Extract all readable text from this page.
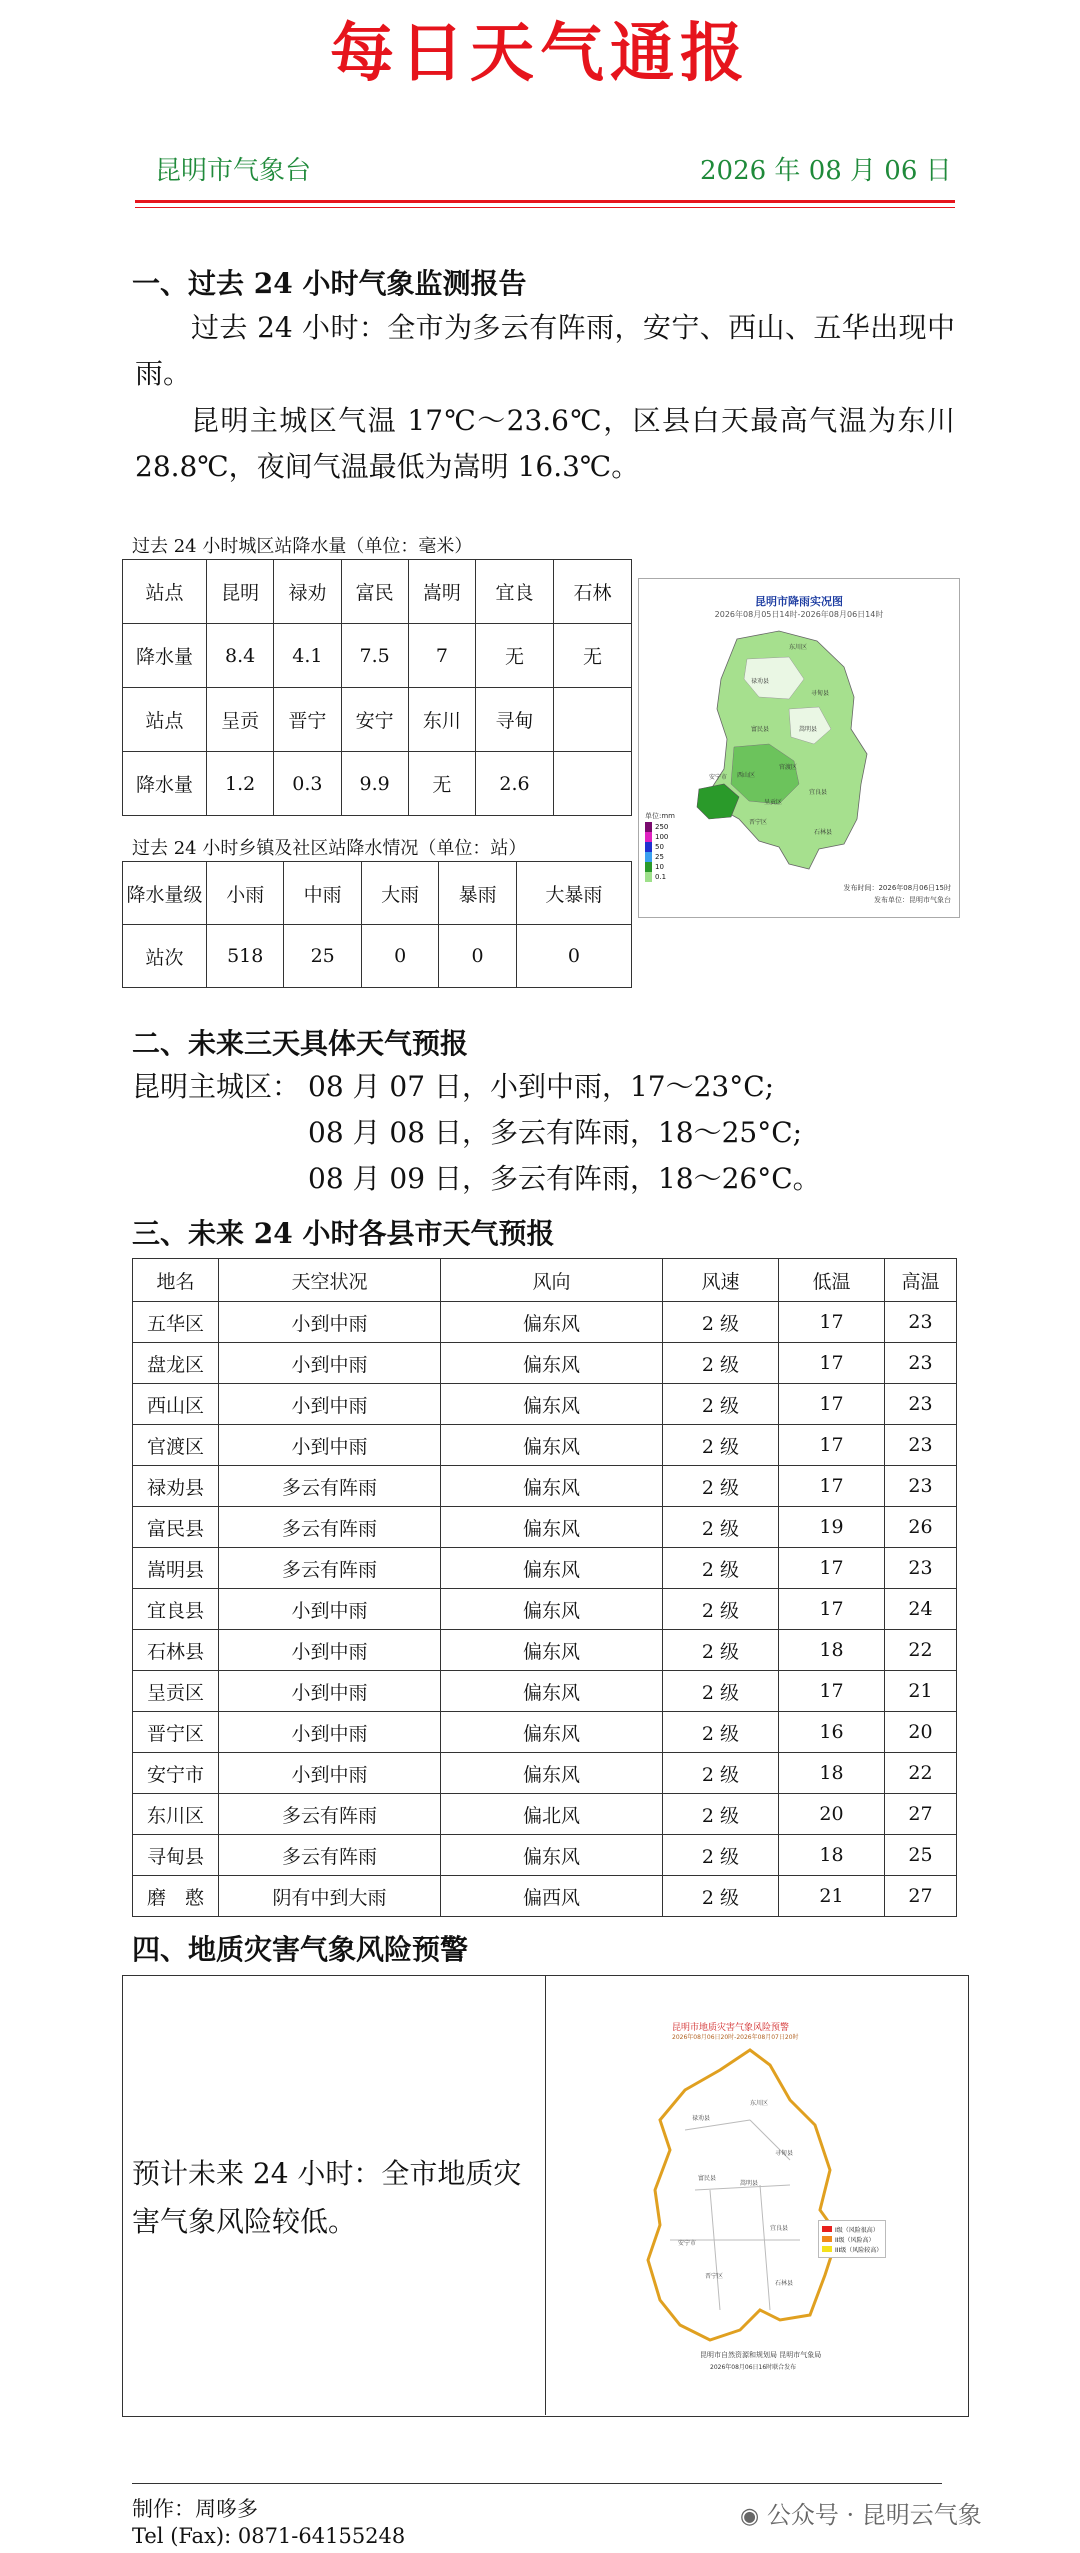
每日天气通报
昆明市气象台	2026 年 08 月 06 日
一、过去 24 小时气象监测报告
过去 24 小时：全市为多云有阵雨，安宁、西山、五华出现中雨。
昆明主城区气温 17℃～23.6℃，区县白天最高气温为东川 28.8℃，夜间气温最低为嵩明 16.3℃。
过去 24 小时城区站降水量（单位：毫米）
站点	昆明	禄劝	富民	嵩明	宜良	石林
降水量	8.4	4.1	7.5	7	无	无
站点	呈贡	晋宁	安宁	东川	寻甸	
降水量	1.2	0.3	9.9	无	2.6	
过去 24 小时乡镇及社区站降水情况（单位：站）
降水量级	小雨	中雨	大雨	暴雨	大暴雨
站次	518	25	0	0	0
昆明市降雨实况图
2026年08月05日14时-2026年08月06日14时
东川区
禄劝县
寻甸县
嵩明县
富民县
安宁市 西山区
官渡区
呈贡区
晋宁区
宜良县
石林县
单位:mm
250
100
50
25
10
0.1
发布时间：2026年08月06日15时
发布单位：昆明市气象台
二、未来三天具体天气预报
昆明主城区： 08 月 07 日，小到中雨，17～23°C;
08 月 08 日，多云有阵雨，18～25°C;
08 月 09 日，多云有阵雨，18～26°C。
三、未来 24 小时各县市天气预报
地名	天空状况	风向	风速	低温	高温
五华区	小到中雨	偏东风	2 级	17	23
盘龙区	小到中雨	偏东风	2 级	17	23
西山区	小到中雨	偏东风	2 级	17	23
官渡区	小到中雨	偏东风	2 级	17	23
禄劝县	多云有阵雨	偏东风	2 级	17	23
富民县	多云有阵雨	偏东风	2 级	19	26
嵩明县	多云有阵雨	偏东风	2 级	17	23
宜良县	小到中雨	偏东风	2 级	17	24
石林县	小到中雨	偏东风	2 级	18	22
呈贡区	小到中雨	偏东风	2 级	17	21
晋宁区	小到中雨	偏东风	2 级	16	20
安宁市	小到中雨	偏东风	2 级	18	22
东川区	多云有阵雨	偏北风	2 级	20	27
寻甸县	多云有阵雨	偏东风	2 级	18	25
磨　憨	阴有中到大雨	偏西风	2 级	21	27
四、地质灾害气象风险预警
预计未来 24 小时：全市地质灾害气象风险较低。
昆明市地质灾害气象风险预警
2026年08月06日20时-2026年08月07日20时
禄劝县
东川区
寻甸县
嵩明县
富民县
宜良县
安宁市
晋宁区
石林县
I级（风险很高）
II级（风险高）
III级（风险较高）
昆明市自然资源和规划局 昆明市气象局
2026年08月06日16时联合发布
制作：周哆多
Tel (Fax): 0871-64155248
◉ 公众号 · 昆明云气象
